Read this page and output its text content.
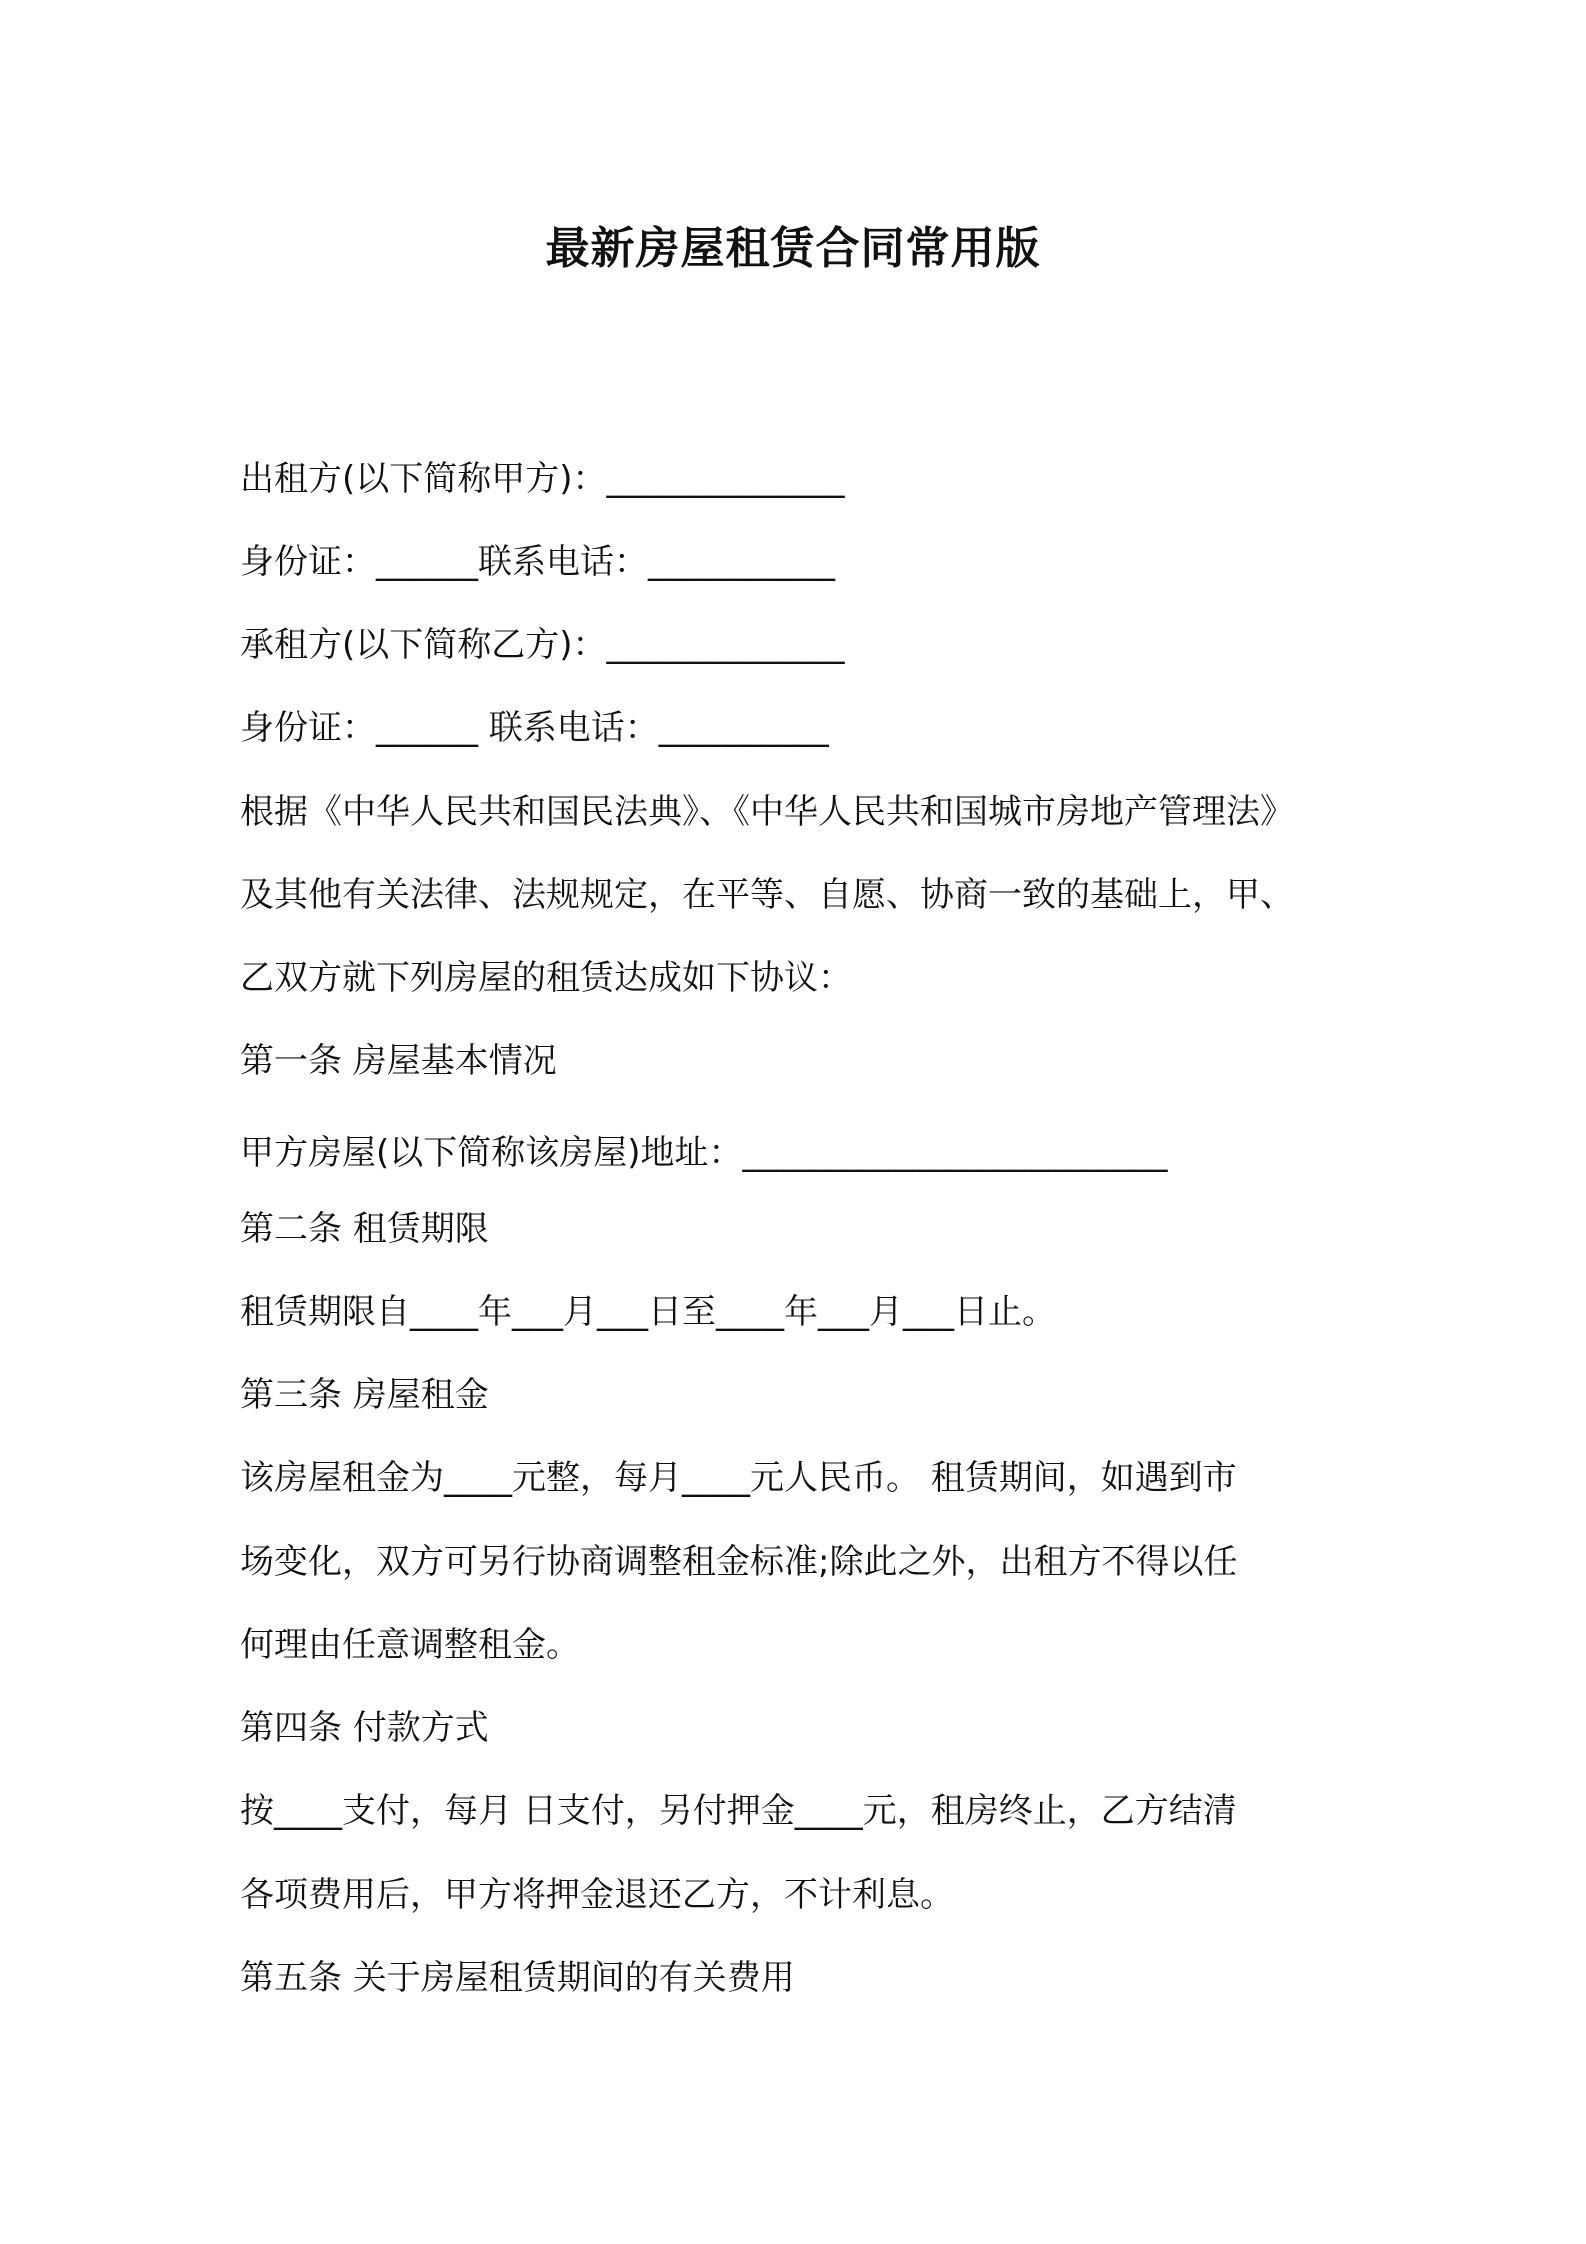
最新房屋租赁合同常用版
出租方(以下简称甲方)：______________
身份证：______联系电话：___________
承租方(以下简称乙方)：______________
身份证：______ 联系电话：__________
根据《中华人民共和国民法典》、《中华人民共和国城市房地产管理法》
及其他有关法律、法规规定，在平等、自愿、协商一致的基础上，甲、
乙双方就下列房屋的租赁达成如下协议：
第一条 房屋基本情况
甲方房屋(以下简称该房屋)地址：_________________________
第二条 租赁期限
租赁期限自____年___月___日至____年___月___日止。
第三条 房屋租金
该房屋租金为____元整，每月____元人民币。 租赁期间，如遇到市
场变化，双方可另行协商调整租金标准;除此之外，出租方不得以任
何理由任意调整租金。
第四条 付款方式
按____支付，每月 日支付，另付押金____元，租房终止，乙方结清
各项费用后，甲方将押金退还乙方，不计利息。
第五条 关于房屋租赁期间的有关费用
